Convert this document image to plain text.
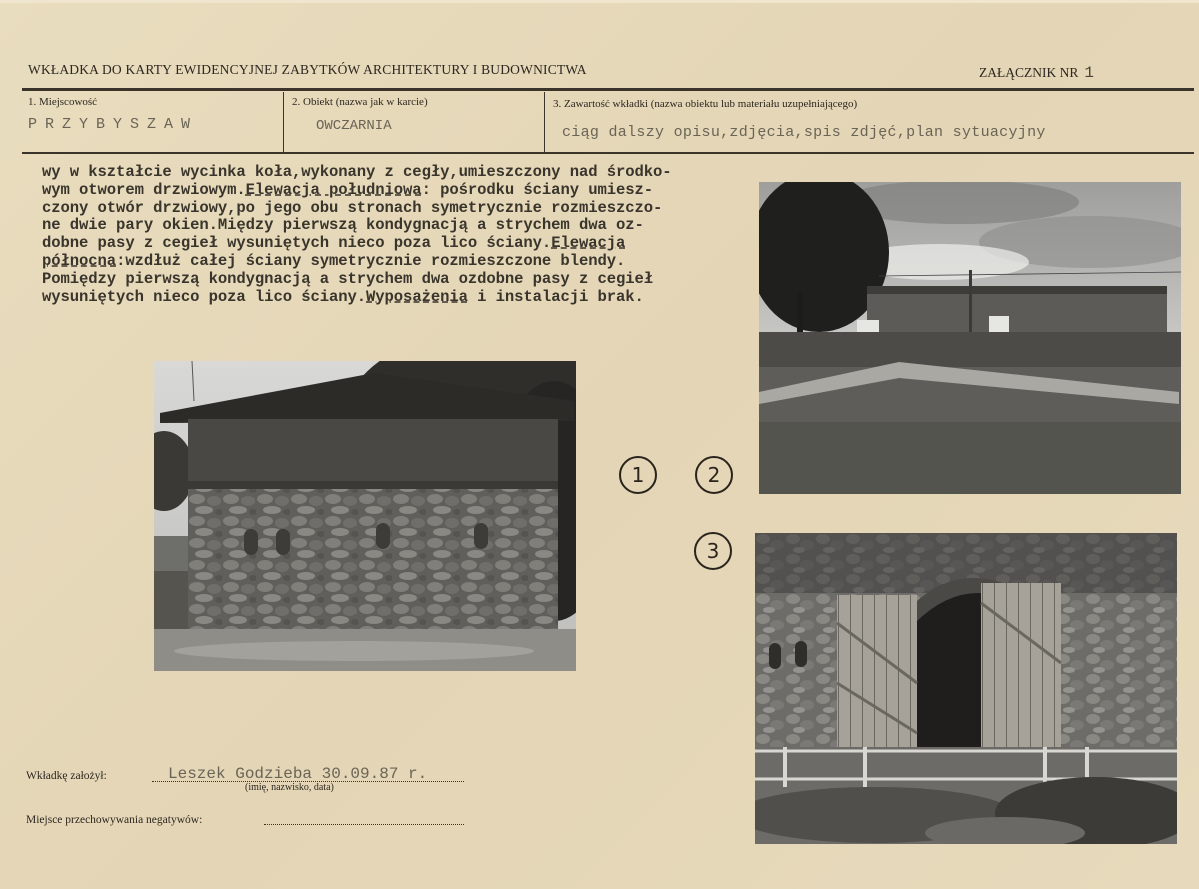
WKŁADKA DO KARTY EWIDENCYJNEJ ZABYTKÓW ARCHITEKTURY I BUDOWNICTWA	ZAŁĄCZNIK NR 1
1. Miejscowość
PRZYBYSZAW
2. Obiekt (nazwa jak w karcie)
OWCZARNIA
3. Zawartość wkładki (nazwa obiektu lub materiału uzupełniającego)
ciąg dalszy opisu,zdjęcia,spis zdjęć,plan sytuacyjny
wy w kształcie wycinka koła,wykonany z cegły,umieszczony nad środko-
wym otworem drzwiowym.Elewacja południowa: pośrodku ściany umiesz-
czony otwór drzwiowy,po jego obu stronach symetrycznie rozmieszczo-
ne dwie pary okien.Między pierwszą kondygnacją a strychem dwa oz-
dobne pasy z cegieł wysuniętych nieco poza lico ściany.Elewacja
północna:wzdłuż całej ściany symetrycznie rozmieszczone blendy.
Pomiędzy pierwszą kondygnacją a strychem dwa ozdobne pasy z cegieł
wysuniętych nieco poza lico ściany.Wyposażenia i instalacji brak.
1	2
3
Wkładkę założył:	Leszek Godzieba 30.09.87 r.
(imię, nazwisko, data)
Miejsce przechowywania negatywów:
